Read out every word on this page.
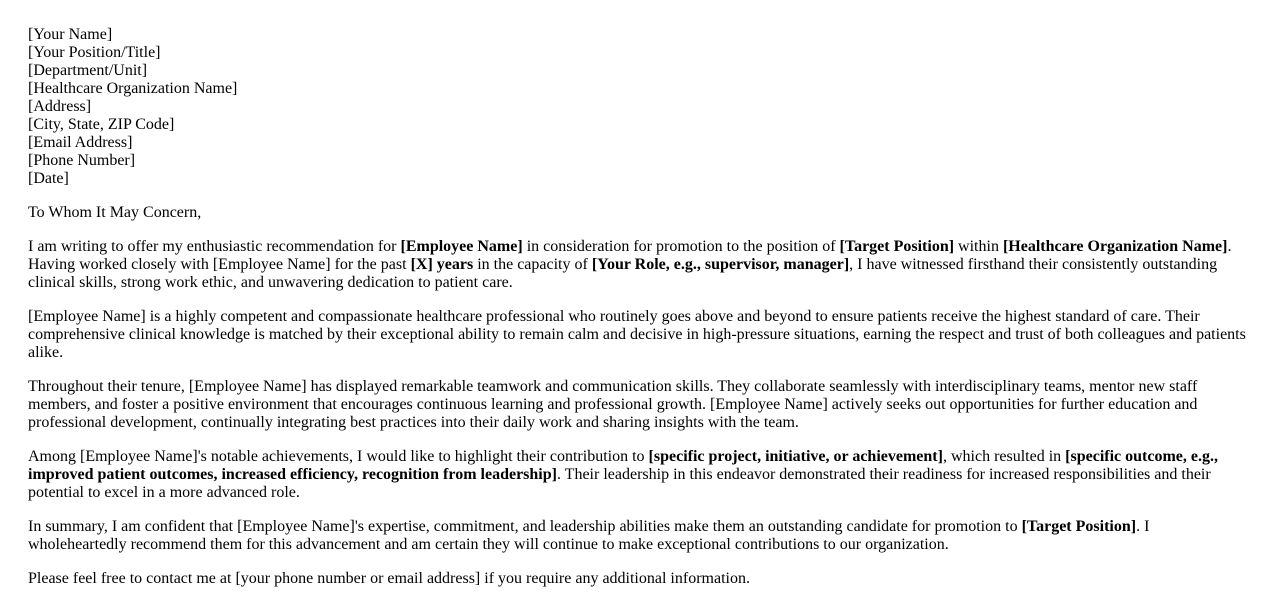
[Your Name]
[Your Position/Title]
[Department/Unit]
[Healthcare Organization Name]
[Address]
[City, State, ZIP Code]
[Email Address]
[Phone Number]
[Date]

To Whom It May Concern,

I am writing to offer my enthusiastic recommendation for [Employee Name] in consideration for promotion to the position of [Target Position] within [Healthcare Organization Name]. Having worked closely with [Employee Name] for the past [X] years in the capacity of [Your Role, e.g., supervisor, manager], I have witnessed firsthand their consistently outstanding clinical skills, strong work ethic, and unwavering dedication to patient care.

[Employee Name] is a highly competent and compassionate healthcare professional who routinely goes above and beyond to ensure patients receive the highest standard of care. Their comprehensive clinical knowledge is matched by their exceptional ability to remain calm and decisive in high-pressure situations, earning the respect and trust of both colleagues and patients alike.

Throughout their tenure, [Employee Name] has displayed remarkable teamwork and communication skills. They collaborate seamlessly with interdisciplinary teams, mentor new staff members, and foster a positive environment that encourages continuous learning and professional growth. [Employee Name] actively seeks out opportunities for further education and professional development, continually integrating best practices into their daily work and sharing insights with the team.

Among [Employee Name]'s notable achievements, I would like to highlight their contribution to [specific project, initiative, or achievement], which resulted in [specific outcome, e.g., improved patient outcomes, increased efficiency, recognition from leadership]. Their leadership in this endeavor demonstrated their readiness for increased responsibilities and their potential to excel in a more advanced role.

In summary, I am confident that [Employee Name]'s expertise, commitment, and leadership abilities make them an outstanding candidate for promotion to [Target Position]. I wholeheartedly recommend them for this advancement and am certain they will continue to make exceptional contributions to our organization.

Please feel free to contact me at [your phone number or email address] if you require any additional information.
